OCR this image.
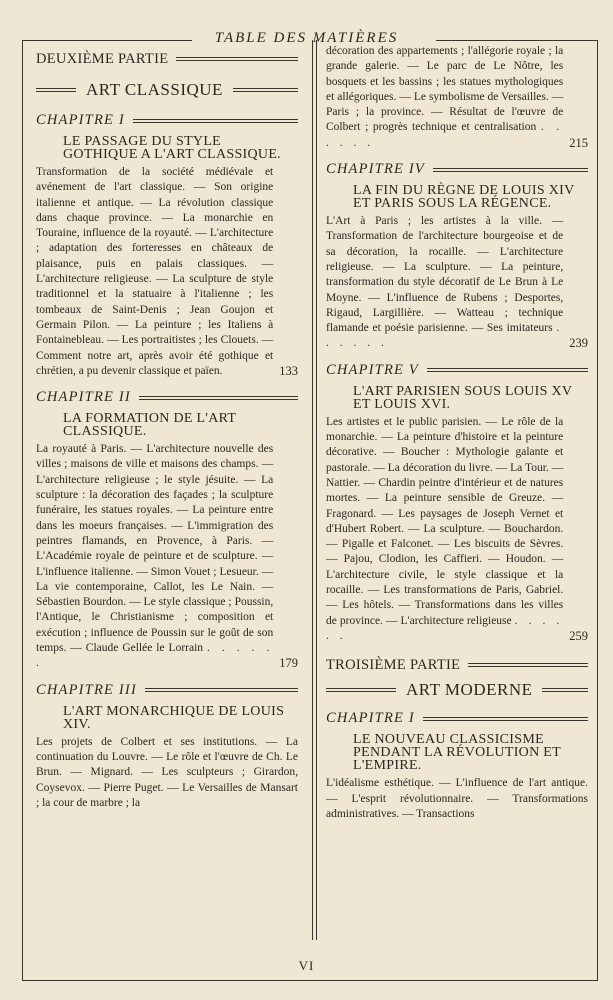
TABLE DES MATIÈRES
DEUXIÈME PARTIE
ART CLASSIQUE
CHAPITRE I
LE PASSAGE DU STYLE GOTHIQUE A L'ART CLASSIQUE.
Transformation de la société médiévale et avénement de l'art classique. — Son origine italienne et antique. — La révolution classique dans chaque province. — La monarchie en Touraine, influence de la royauté. — L'architecture ; adaptation des forteresses en châteaux de plaisance, puis en palais classiques. — L'architecture religieuse. — La sculpture de style traditionnel et la statuaire à l'italienne ; les tombeaux de Saint-Denis ; Jean Goujon et Germain Pilon. — La peinture ; les Italiens à Fontainebleau. — Les portraitistes ; les Clouets. — Comment notre art, après avoir été gothique et chrétien, a pu devenir classique et païen.	133
CHAPITRE II
LA FORMATION DE L'ART CLASSIQUE.
La royauté à Paris. — L'architecture nouvelle des villes ; maisons de ville et maisons des champs. — L'architecture religieuse ; le style jésuite. — La sculpture : la décoration des façades ; la sculpture funéraire, les statues royales. — La peinture entre dans les moeurs françaises. — L'immigration des peintres flamands, en Provence, à Paris. — L'Académie royale de peinture et de sculpture. — L'influence italienne. — Simon Vouet ; Lesueur. — La vie contemporaine, Callot, les Le Nain. — Sébastien Bourdon. — Le style classique ; Poussin, l'Antique, le Christianisme ; composition et exécution ; influence de Poussin sur le goût de son temps. — Claude Gellée le Lorrain . . . . . .	179
CHAPITRE III
L'ART MONARCHIQUE DE LOUIS XIV.
Les projets de Colbert et ses institutions. — La continuation du Louvre. — Le rôle et l'œuvre de Ch. Le Brun. — Mignard. — Les sculpteurs ; Girardon, Coysevox. — Pierre Puget. — Le Versailles de Mansart ; la cour de marbre ; la
décoration des appartements ; l'allégorie royale ; la grande galerie. — Le parc de Le Nôtre, les bosquets et les bassins ; les statues mythologiques et allégoriques. — Le symbolisme de Versailles. — Paris ; la province. — Résultat de l'œuvre de Colbert ; progrès technique et centralisation . . . . . .	215
CHAPITRE IV
LA FIN DU RÈGNE DE LOUIS XIV ET PARIS SOUS LA RÉGENCE.
L'Art à Paris ; les artistes à la ville. — Transformation de l'architecture bourgeoise et de sa décoration, la rocaille. — L'architecture religieuse. — La sculpture. — La peinture, transformation du style décoratif de Le Brun à Le Moyne. — L'influence de Rubens ; Desportes, Rigaud, Largillière. — Watteau ; technique flamande et poésie parisienne. — Ses imitateurs . . . . . .	239
CHAPITRE V
L'ART PARISIEN SOUS LOUIS XV ET LOUIS XVI.
Les artistes et le public parisien. — Le rôle de la monarchie. — La peinture d'histoire et la peinture décorative. — Boucher : Mythologie galante et pastorale. — La décoration du livre. — La Tour. — Nattier. — Chardin peintre d'intérieur et de natures mortes. — La peinture sensible de Greuze. — Fragonard. — Les paysages de Joseph Vernet et d'Hubert Robert. — La sculpture. — Bouchardon. — Pigalle et Falconet. — Les biscuits de Sèvres. — Pajou, Clodion, les Caffieri. — Houdon. — L'architecture civile, le style classique et la rocaille. — Les transformations de Paris, Gabriel. — Les hôtels. — Transformations dans les villes de province. — L'architecture religieuse . . . . . .	259
TROISIÈME PARTIE
ART MODERNE
CHAPITRE I
LE NOUVEAU CLASSICISME PENDANT LA RÉVOLUTION ET L'EMPIRE.
L'idéalisme esthétique. — L'influence de l'art antique. — L'esprit révolutionnaire. — Transformations administratives. — Transactions
VI
